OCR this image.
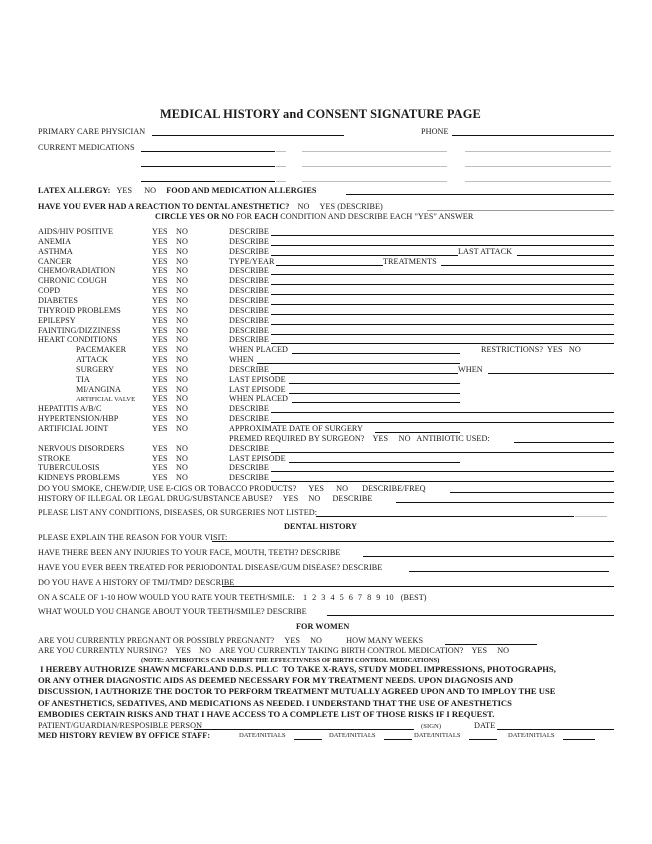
MEDICAL HISTORY and CONSENT SIGNATURE PAGE
PRIMARY CARE PHYSICIAN	PHONE
CURRENT MEDICATIONS
LATEX ALLERGY: YES NO FOOD AND MEDICATION ALLERGIES
HAVE YOU EVER HAD A REACTION TO DENTAL ANESTHETIC? NO YES (DESCRIBE)
CIRCLE YES OR NO FOR EACH CONDITION AND DESCRIBE EACH "YES" ANSWER
AIDS/HIV POSITIVE	YES NO	DESCRIBE
ANEMIA	YES NO	DESCRIBE
ASTHMA	YES NO	DESCRIBE	LAST ATTACK
CANCER	YES NO	TYPE/YEAR	TREATMENTS
CHEMO/RADIATION	YES NO	DESCRIBE
CHRONIC COUGH	YES NO	DESCRIBE
COPD	YES NO	DESCRIBE
DIABETES	YES NO	DESCRIBE
THYROID PROBLEMS	YES NO	DESCRIBE
EPILEPSY	YES NO	DESCRIBE
FAINTING/DIZZINESS	YES NO	DESCRIBE
HEART CONDITIONS	YES NO	DESCRIBE
PACEMAKER	YES NO	WHEN PLACED	RESTRICTIONS?  YES   NO
ATTACK	YES NO	WHEN
SURGERY	YES NO	DESCRIBE	WHEN
TIA	YES NO	LAST EPISODE
MI/ANGINA	YES NO	LAST EPISODE
ARTIFICIAL VALVE YES NO	WHEN PLACED
HEPATITIS A/B/C	YES NO	DESCRIBE
HYPERTENSION/HBP	YES NO	DESCRIBE
ARTIFICIAL JOINT	YES NO	APPROXIMATE DATE OF SURGERY
PREMED REQUIRED BY SURGEON?    YES     NO   ANTIBIOTIC USED:
NERVOUS DISORDERS	YES NO	DESCRIBE
STROKE	YES NO	LAST EPISODE
TUBERCULOSIS	YES NO	DESCRIBE
KIDNEYS PROBLEMS	YES NO	DESCRIBE
DO YOU SMOKE, CHEW/DIP, USE E-CIGS OR TOBACCO PRODUCTS? YES NO DESCRIBE/FREQ
HISTORY OF ILLEGAL OR LEGAL DRUG/SUBSTANCE ABUSE? YES NO DESCRIBE
PLEASE LIST ANY CONDITIONS, DISEASES, OR SURGERIES NOT LISTED:
DENTAL HISTORY
PLEASE EXPLAIN THE REASON FOR YOUR VISIT:
HAVE THERE BEEN ANY INJURIES TO YOUR FACE, MOUTH, TEETH? DESCRIBE
HAVE YOU EVER BEEN TREATED FOR PERIODONTAL DISEASE/GUM DISEASE? DESCRIBE
DO YOU HAVE A HISTORY OF TMJ/TMD? DESCRIBE
ON A SCALE OF 1-10 HOW WOULD YOU RATE YOUR TEETH/SMILE: 1 2 3 4 5 6 7 8 9 10 (BEST)
WHAT WOULD YOU CHANGE ABOUT YOUR TEETH/SMILE? DESCRIBE
FOR WOMEN
ARE YOU CURRENTLY PREGNANT OR POSSIBLY PREGNANT? YES NO	HOW MANY WEEKS
ARE YOU CURRENTLY NURSING? YES NO ARE YOU CURRENTLY TAKING BIRTH CONTROL MEDICATION? YES NO
(NOTE: ANTIBIOTICS CAN INHIBIT THE EFFECTIVNESS OF BIRTH CONTROL MEDICATIONS)
I HEREBY AUTHORIZE SHAWN MCFARLAND D.D.S. PLLC  TO TAKE X-RAYS, STUDY MODEL IMPRESSIONS, PHOTOGRAPHS,
OR ANY OTHER DIAGNOSTIC AIDS AS DEEMED NECESSARY FOR MY TREATMENT NEEDS. UPON DIAGNOSIS AND
DISCUSSION, I AUTHORIZE THE DOCTOR TO PERFORM TREATMENT MUTUALLY AGREED UPON AND TO IMPLOY THE USE
OF ANESTHETICS, SEDATIVES, AND MEDICATIONS AS NEEDED. I UNDERSTAND THAT THE USE OF ANESTHETICS
EMBODIES CERTAIN RISKS AND THAT I HAVE ACCESS TO A COMPLETE LIST OF THOSE RISKS IF I REQUEST.
PATIENT/GUARDIAN/RESPOSIBLE PERSON	(SIGN)	DATE
MED HISTORY REVIEW BY OFFICE STAFF:	DATE/INITIALS	DATE/INITIALS	DATE/INITIALS	DATE/INITIALS
